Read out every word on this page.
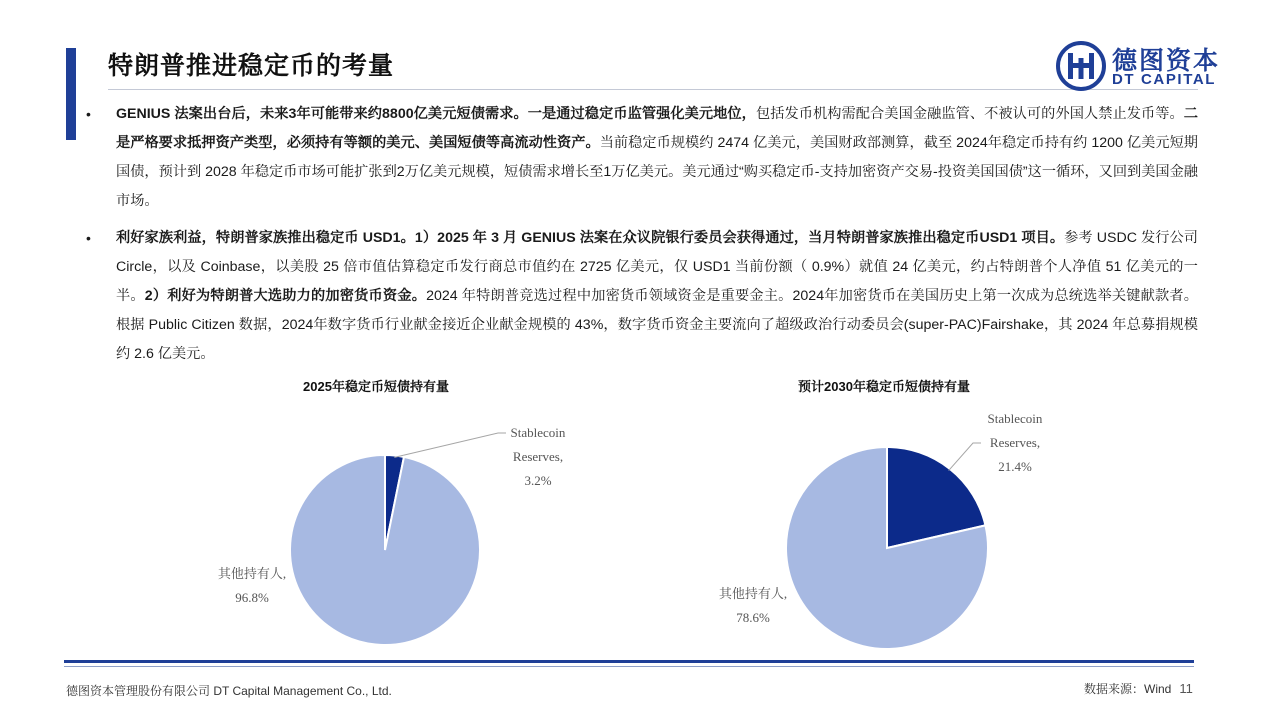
特朗普推进稳定币的考量	德图资本
DT CAPITAL
• GENIUS 法案出台后，未来3年可能带来约8800亿美元短债需求。一是通过稳定币监管强化美元地位，包括发币机构需配合美国金融监管、不被认可的外国人禁止发币等。二是严格要求抵押资产类型，必须持有等额的美元、美国短债等高流动性资产。当前稳定币规模约 2474 亿美元，美国财政部测算，截至 2024年稳定币持有约 1200 亿美元短期国债，预计到 2028 年稳定币市场可能扩张到2万亿美元规模，短债需求增长至1万亿美元。美元通过“购买稳定币-支持加密资产交易-投资美国国债”这一循环，又回到美国金融市场。
• 利好家族利益，特朗普家族推出稳定币 USD1。1）2025 年 3 月 GENIUS 法案在众议院银行委员会获得通过，当月特朗普家族推出稳定币USD1 项目。参考 USDC 发行公司 Circle，以及 Coinbase，以美股 25 倍市值估算稳定币发行商总市值约在 2725 亿美元，仅 USD1 当前份额（ 0.9%）就值 24 亿美元，约占特朗普个人净值 51 亿美元的一半。2）利好为特朗普大选助力的加密货币资金。2024 年特朗普竞选过程中加密货币领域资金是重要金主。2024年加密货币在美国历史上第一次成为总统选举关键献款者。根据 Public Citizen 数据，2024年数字货币行业献金接近企业献金规模的 43%，数字货币资金主要流向了超级政治行动委员会(super-PAC)Fairshake，其 2024 年总募捐规模约 2.6 亿美元。
2025年稳定币短债持有量
Stablecoin Reserves, 3.2%
其他持有人, 96.8%
预计2030年稳定币短债持有量
Stablecoin Reserves, 21.4%
其他持有人, 78.6%
德图资本管理股份有限公司 DT Capital Management Co., Ltd.	数据来源：Wind 11
